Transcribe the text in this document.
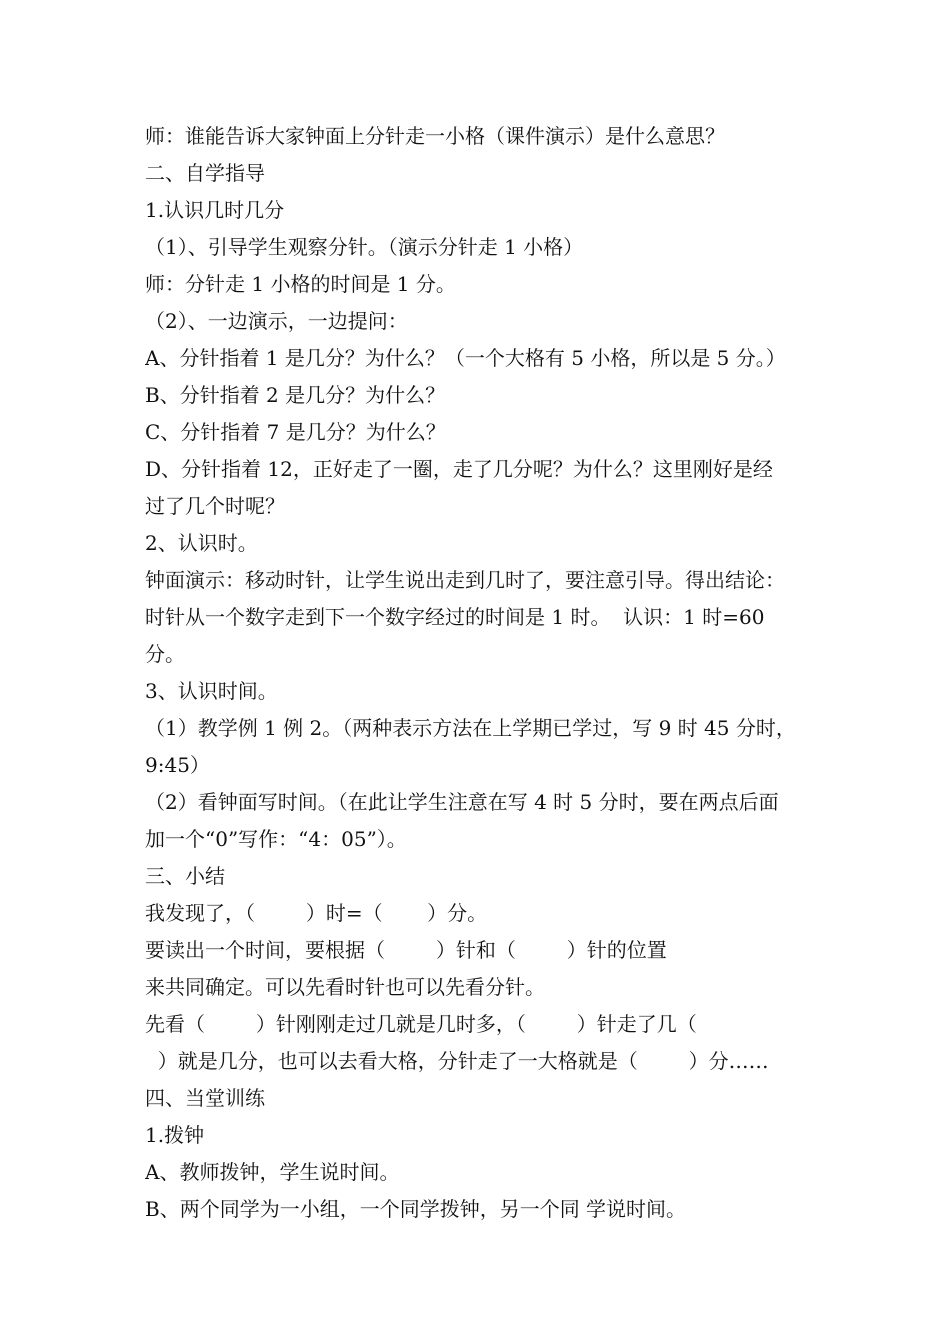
师：谁能告诉大家钟面上分针走一小格（课件演示）是什么意思？
二、自学指导
1.认识几时几分
（1）、引导学生观察分针。（演示分针走 1 小格）
师：分针走 1 小格的时间是 1 分。
（2）、一边演示，一边提问：
A、分针指着 1 是几分？为什么？（一个大格有 5 小格，所以是 5 分。）
B、分针指着 2 是几分？为什么？
C、分针指着 7 是几分？为什么？
D、分针指着 12，正好走了一圈，走了几分呢？为什么？这里刚好是经
过了几个时呢？
2、认识时。
钟面演示：移动时针，让学生说出走到几时了，要注意引导。得出结论：
时针从一个数字走到下一个数字经过的时间是 1 时。  认识：1 时=60
分。
3、认识时间。
（1）教学例 1 例 2。（两种表示方法在上学期已学过，写 9 时 45 分时，
9:45）
（2）看钟面写时间。（在此让学生注意在写 4 时 5 分时，要在两点后面
加一个“0”写作：“4：05”）。
三、小结
我发现了，（        ）时=（       ）分。
要读出一个时间，要根据（        ）针和（        ）针的位置
来共同确定。可以先看时针也可以先看分针。
先看（        ）针刚刚走过几就是几时多，（        ）针走了几（
）就是几分，也可以去看大格，分针走了一大格就是（        ）分……
四、当堂训练
1.拨钟
A、教师拨钟，学生说时间。
B、两个同学为一小组，一个同学拨钟，另一个同 学说时间。
